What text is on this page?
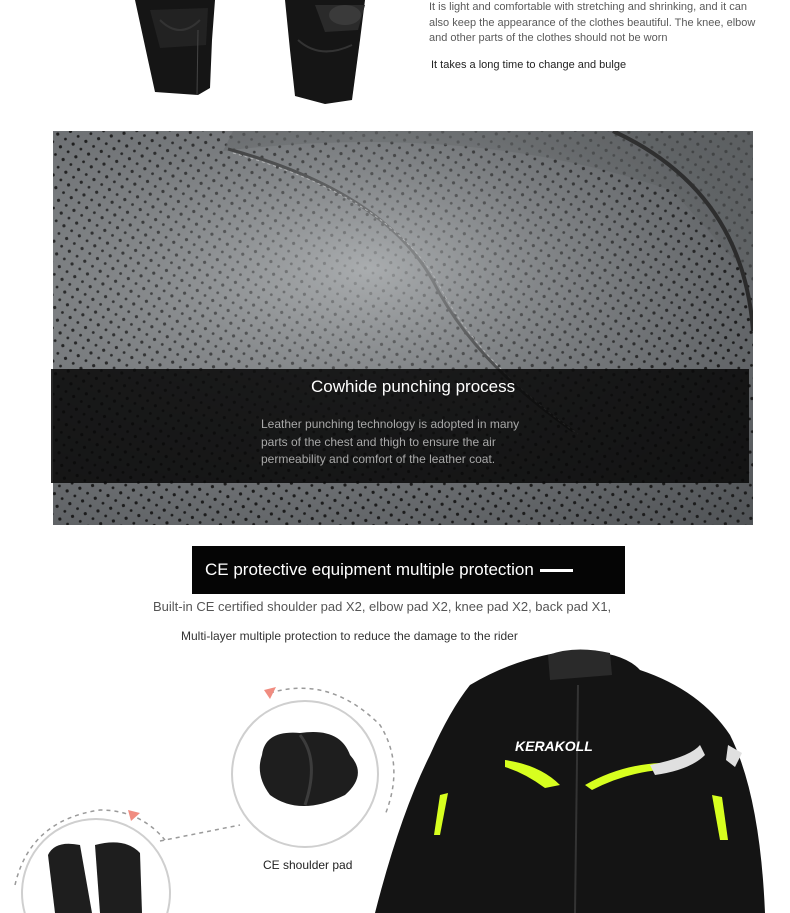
It is light and comfortable with stretching and shrinking, and it can also keep the appearance of the clothes beautiful. The knee, elbow and other parts of the clothes should not be worn
It takes a long time to change and bulge
Cowhide punching process
Leather punching technology is adopted in many parts of the chest and thigh to ensure the air permeability and comfort of the leather coat.
CE protective equipment multiple protection
Built-in CE certified shoulder pad X2, elbow pad X2, knee pad X2, back pad X1,
Multi-layer multiple protection to reduce the damage to the rider
KERAKOLL
CE shoulder pad
